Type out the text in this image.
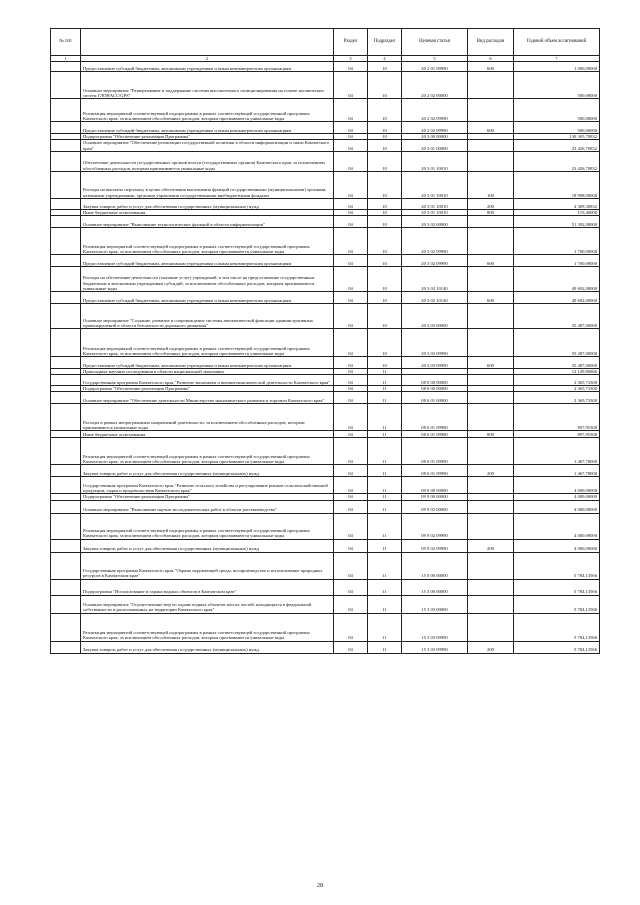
№ п/п		Раздел	Подраздел	Целевая статья	Вид расходов	Годовой объем ассигнований
1	2	3	4	5	6	7
	Предоставление субсидий бюджетным, автономным учреждениям и иным некоммерческим организациям	04	10	20 2 01 09990	600	1 000,00000
	Основное мероприятие "Развертывание и поддержание системы высокоточного позиционирования на основе космических систем ГЛОНАСС/GPS"	04	10	20 2 02 00000		500,00000
	Реализация мероприятий соответствующей подпрограммы в рамках соответствующей государственной программы Камчатского края, за исключением обособленных расходов, которым присваиваются уникальные коды	04	10	20 2 02 09990		500,00000
	Предоставление субсидий бюджетным, автономным учреждениям и иным некоммерческим организациям	04	10	20 2 02 09990	600	500,00000
	Подпрограмма "Обеспечение реализации Программы"	04	10	20 3 00 00000		130 305,70832
	Основное мероприятие "Обеспечение реализации государственной политики в области информатизации и связи Камчатского края"	04	10	20 3 01 00000		23 426,70832
	Обеспечение деятельности государственных органов власти (государственных органов) Камчатского края, за исключением обособленных расходов, которым присваиваются уникальные коды	04	10	20 3 01 10010		23 426,70832
	Расходы на выплаты персоналу в целях обеспечения выполнения функций государственными (муниципальными) органами, казенными учреждениями, органами управления государственными внебюджетными фондами	04	10	20 3 01 10010	100	18 998,00000
	Закупка товаров, работ и услуг для обеспечения государственных (муниципальных) нужд	04	10	20 3 01 10010	200	4 309,30832
	Иные бюджетные ассигнования	04	10	20 3 01 10010	800	119,40000
	Основное мероприятие "Выполнение технологических функций в области информатизации"	04	10	20 3 02 00000		51 392,00000
	Реализация мероприятий соответствующей подпрограммы в рамках соответствующей государственной программы Камчатского края, за исключением обособленных расходов, которым присваиваются уникальные коды	04	10	20 3 02 09990		1 700,00000
	Предоставление субсидий бюджетным, автономным учреждениям и иным некоммерческим организациям	04	10	20 3 02 09990	600	1 700,00000
	Расходы на обеспечение деятельности (оказание услуг) учреждений, в том числе на предоставление государственным бюджетным и автономным учреждениям субсидий, за исключением обособленных расходов, которым присваиваются уникальные коды	04	10	20 3 02 10140		49 692,00000
	Предоставление субсидий бюджетным, автономным учреждениям и иным некоммерческим организациям	04	10	20 3 02 10140	600	49 692,00000
	Основное мероприятие "Создание, развитие и сопровождение системы автоматической фиксации административных правонарушений в области безопасности дорожного движения"	04	10	20 3 03 00000		55 487,00000
	Реализация мероприятий соответствующей подпрограммы в рамках соответствующей государственной программы Камчатского края, за исключением обособленных расходов, которым присваиваются уникальные коды	04	10	20 3 03 09990		55 487,00000
	Предоставление субсидий бюджетным, автономным учреждениям и иным некоммерческим организациям	04	10	20 3 03 09990	600	55 487,00000
	Прикладные научные исследования в области национальной экономики	04	11			12 149,86866
	Государственная программа Камчатского края "Развитие экономики и внешнеэкономической деятельности Камчатского края"	04	11	08 0 00 00000		2 365,73300
	Подпрограмма "Обеспечение реализации Программы"	04	11	08 6 00 00000		2 365,73300
	Основное мероприятие "Обеспечение деятельности Министерства экономического развития и торговли Камчатского края"	04	11	08 6 01 00000		2 365,73300
	Расходы в рамках непрограммных направлений деятельности, за исключением обособленных расходов, которым присваиваются уникальные коды	04	11	08 6 01 09980		897,95300
	Иные бюджетные ассигнования	04	11	08 6 01 09980	800	897,95300
	Реализация мероприятий соответствующей подпрограммы в рамках соответствующей государственной программы Камчатского края, за исключением обособленных расходов, которым присваиваются уникальные коды	04	11	08 6 01 09990		1 467,78000
	Закупка товаров, работ и услуг для обеспечения государственных (муниципальных) нужд	04	11	08 6 01 09990	200	1 467,78000
	Государственная программа Камчатского края "Развитие сельского хозяйства и регулирование рынков сельскохозяйственной продукции, сырья и продовольствия Камчатского края"	04	11	09 0 00 00000		4 000,00000
	Подпрограмма "Обеспечение реализации Программы"	04	11	09 9 00 00000		4 000,00000
	Основное мероприятие "Выполнение научно-исследовательских работ в области растениеводства"	04	11	09 9 02 00000		4 000,00000
	Реализация мероприятий соответствующей подпрограммы в рамках соответствующей государственной программы Камчатского края, за исключением обособленных расходов, которым присваиваются уникальные коды	04	11	09 9 02 09990		4 000,00000
	Закупка товаров, работ и услуг для обеспечения государственных (муниципальных) нужд	04	11	09 9 02 09990	200	4 000,00000
	Государственная программа Камчатского края "Охрана окружающей среды, воспроизводство и использование природных ресурсов в Камчатском крае"	04	11	15 0 00 00000		5 784,13566
	Подпрограмма "Использование и охрана водных объектов в Камчатском крае"	04	11	15 3 00 00000		5 784,13566
	Основное мероприятие "Осуществление мер по охране водных объектов или их частей, находящихся в федеральной собственности и расположенных на территории Камчатского края"	04	11	15 3 03 00000		5 784,13566
	Реализация мероприятий соответствующей подпрограммы в рамках соответствующей государственной программы Камчатского края, за исключением обособленных расходов, которым присваиваются уникальные коды	04	11	15 3 03 09990		5 784,13566
	Закупка товаров, работ и услуг для обеспечения государственных (муниципальных) нужд	04	11	15 3 03 09990	200	5 784,13566
28
